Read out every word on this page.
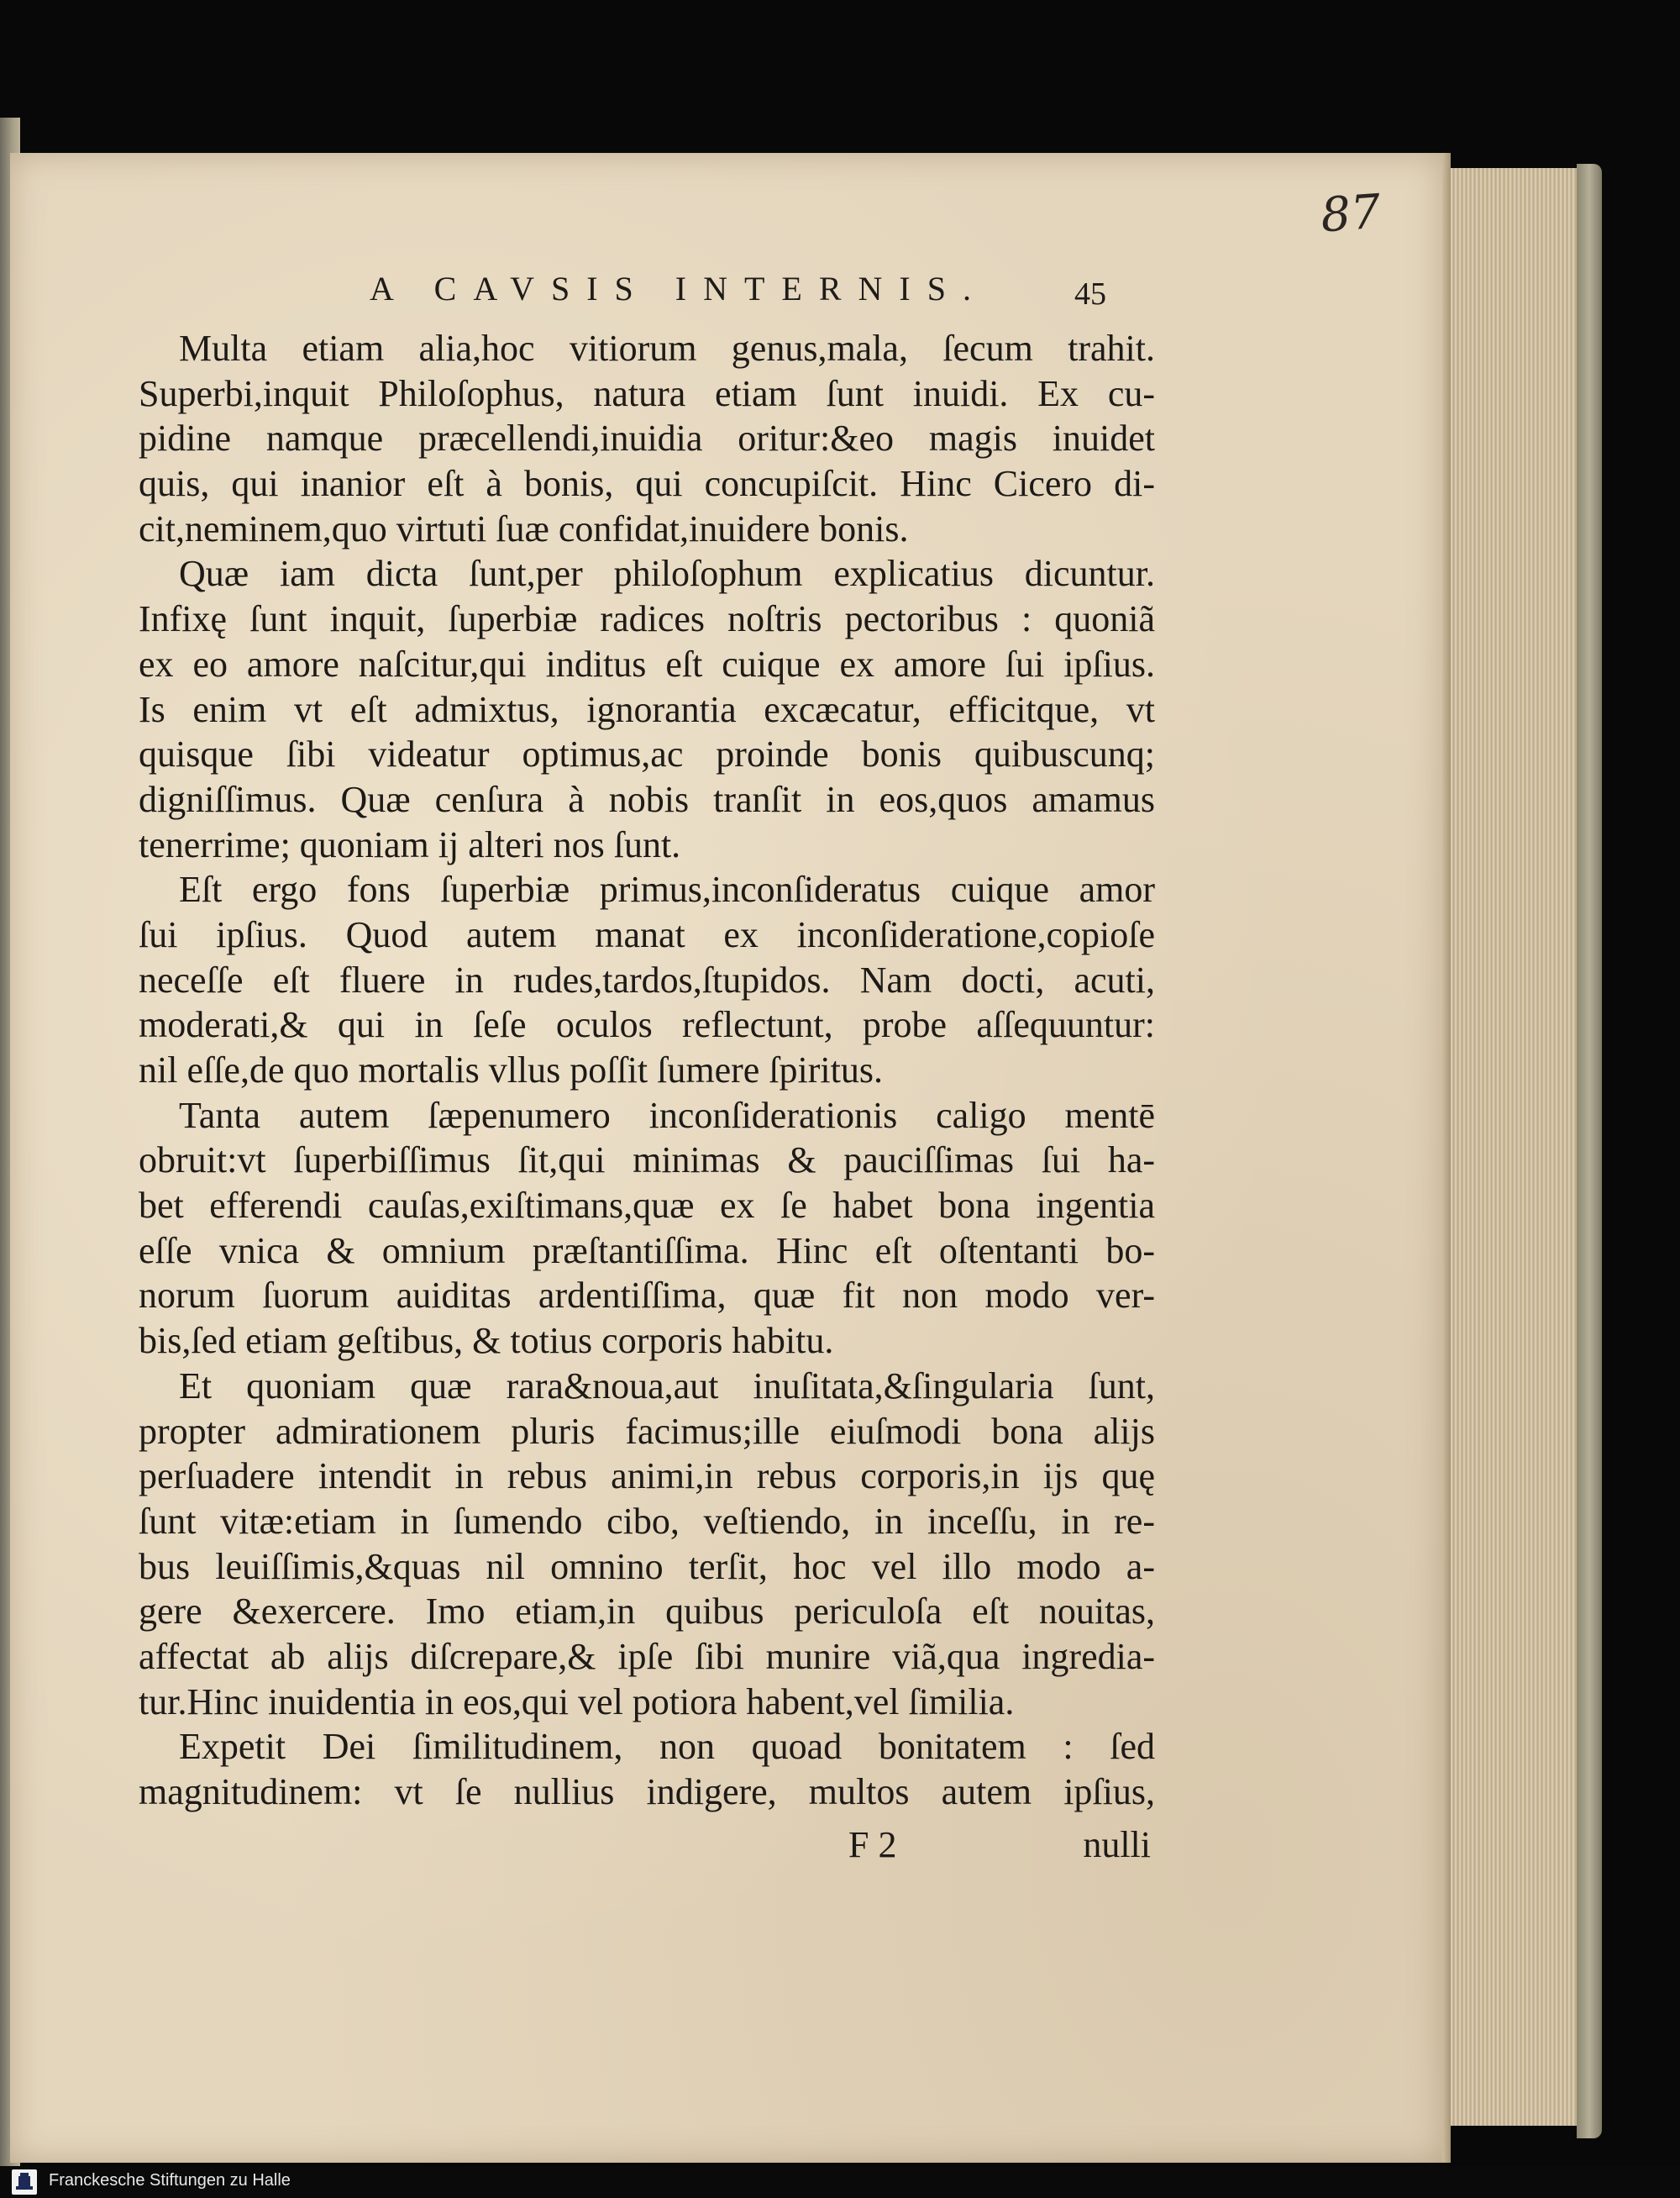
87
A CAVSIS INTERNIS.	45
Multa etiam alia,hoc vitiorum genus,mala, ſecum trahit.
Superbi,inquit Philoſophus, natura etiam ſunt inuidi. Ex cu-
pidine namque præcellendi,inuidia oritur:&eo magis inuidet
quis, qui inanior eſt à bonis, qui concupiſcit. Hinc Cicero di-
cit,neminem,quo virtuti ſuæ confidat,inuidere bonis.
Quæ iam dicta ſunt,per philoſophum explicatius dicuntur.
Infixę ſunt inquit, ſuperbiæ radices noſtris pectoribus : quoniã
ex eo amore naſcitur,qui inditus eſt cuique ex amore ſui ipſius.
Is enim vt eſt admixtus, ignorantia excæcatur, efficitque, vt
quisque ſibi videatur optimus,ac proinde bonis quibuscunq;
digniſſimus. Quæ cenſura à nobis tranſit in eos,quos amamus
tenerrime; quoniam ij alteri nos ſunt.
Eſt ergo fons ſuperbiæ primus,inconſideratus cuique amor
ſui ipſius. Quod autem manat ex inconſideratione,copioſe
neceſſe eſt fluere in rudes,tardos,ſtupidos. Nam docti, acuti,
moderati,& qui in ſeſe oculos reflectunt, probe aſſequuntur:
nil eſſe,de quo mortalis vllus poſſit ſumere ſpiritus.
Tanta autem ſæpenumero inconſiderationis caligo mentē
obruit:vt ſuperbiſſimus ſit,qui minimas & pauciſſimas ſui ha-
bet efferendi cauſas,exiſtimans,quæ ex ſe habet bona ingentia
eſſe vnica & omnium præſtantiſſima. Hinc eſt oſtentanti bo-
norum ſuorum auiditas ardentiſſima, quæ fit non modo ver-
bis,ſed etiam geſtibus, & totius corporis habitu.
Et quoniam quæ rara&noua,aut inuſitata,&ſingularia ſunt,
propter admirationem pluris facimus;ille eiuſmodi bona alijs
perſuadere intendit in rebus animi,in rebus corporis,in ijs quę
ſunt vitæ:etiam in ſumendo cibo, veſtiendo, in inceſſu, in re-
bus leuiſſimis,&quas nil omnino terſit, hoc vel illo modo a-
gere &exercere. Imo etiam,in quibus periculoſa eſt nouitas,
affectat ab alijs diſcrepare,& ipſe ſibi munire viã,qua ingredia-
tur.Hinc inuidentia in eos,qui vel potiora habent,vel ſimilia.
Expetit Dei ſimilitudinem, non quoad bonitatem : ſed
magnitudinem: vt ſe nullius indigere, multos autem ipſius,
F 2	nulli
Franckesche Stiftungen zu Halle
